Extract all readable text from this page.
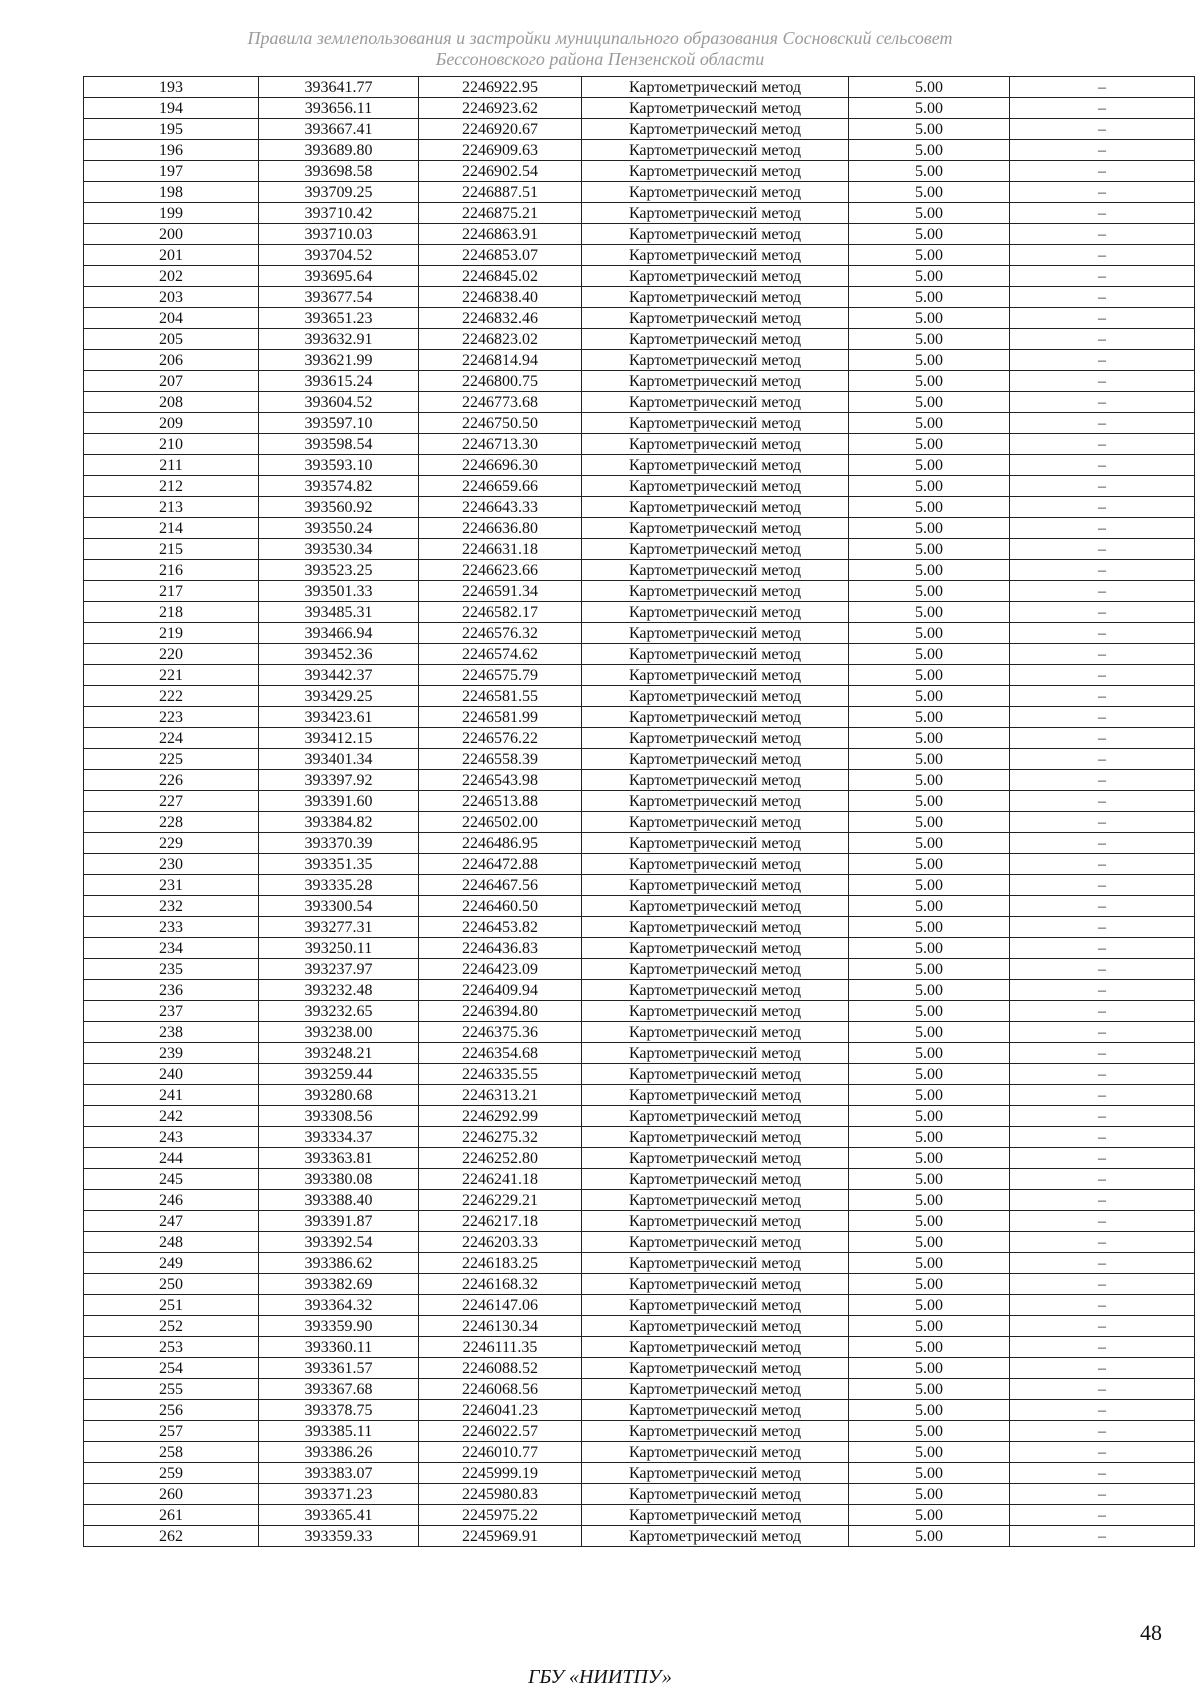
Правила землепользования и застройки муниципального образования Сосновский сельсовет
Бессоновского района Пензенской области
193	393641.77	2246922.95	Картометрический метод	5.00	–
194	393656.11	2246923.62	Картометрический метод	5.00	–
195	393667.41	2246920.67	Картометрический метод	5.00	–
196	393689.80	2246909.63	Картометрический метод	5.00	–
197	393698.58	2246902.54	Картометрический метод	5.00	–
198	393709.25	2246887.51	Картометрический метод	5.00	–
199	393710.42	2246875.21	Картометрический метод	5.00	–
200	393710.03	2246863.91	Картометрический метод	5.00	–
201	393704.52	2246853.07	Картометрический метод	5.00	–
202	393695.64	2246845.02	Картометрический метод	5.00	–
203	393677.54	2246838.40	Картометрический метод	5.00	–
204	393651.23	2246832.46	Картометрический метод	5.00	–
205	393632.91	2246823.02	Картометрический метод	5.00	–
206	393621.99	2246814.94	Картометрический метод	5.00	–
207	393615.24	2246800.75	Картометрический метод	5.00	–
208	393604.52	2246773.68	Картометрический метод	5.00	–
209	393597.10	2246750.50	Картометрический метод	5.00	–
210	393598.54	2246713.30	Картометрический метод	5.00	–
211	393593.10	2246696.30	Картометрический метод	5.00	–
212	393574.82	2246659.66	Картометрический метод	5.00	–
213	393560.92	2246643.33	Картометрический метод	5.00	–
214	393550.24	2246636.80	Картометрический метод	5.00	–
215	393530.34	2246631.18	Картометрический метод	5.00	–
216	393523.25	2246623.66	Картометрический метод	5.00	–
217	393501.33	2246591.34	Картометрический метод	5.00	–
218	393485.31	2246582.17	Картометрический метод	5.00	–
219	393466.94	2246576.32	Картометрический метод	5.00	–
220	393452.36	2246574.62	Картометрический метод	5.00	–
221	393442.37	2246575.79	Картометрический метод	5.00	–
222	393429.25	2246581.55	Картометрический метод	5.00	–
223	393423.61	2246581.99	Картометрический метод	5.00	–
224	393412.15	2246576.22	Картометрический метод	5.00	–
225	393401.34	2246558.39	Картометрический метод	5.00	–
226	393397.92	2246543.98	Картометрический метод	5.00	–
227	393391.60	2246513.88	Картометрический метод	5.00	–
228	393384.82	2246502.00	Картометрический метод	5.00	–
229	393370.39	2246486.95	Картометрический метод	5.00	–
230	393351.35	2246472.88	Картометрический метод	5.00	–
231	393335.28	2246467.56	Картометрический метод	5.00	–
232	393300.54	2246460.50	Картометрический метод	5.00	–
233	393277.31	2246453.82	Картометрический метод	5.00	–
234	393250.11	2246436.83	Картометрический метод	5.00	–
235	393237.97	2246423.09	Картометрический метод	5.00	–
236	393232.48	2246409.94	Картометрический метод	5.00	–
237	393232.65	2246394.80	Картометрический метод	5.00	–
238	393238.00	2246375.36	Картометрический метод	5.00	–
239	393248.21	2246354.68	Картометрический метод	5.00	–
240	393259.44	2246335.55	Картометрический метод	5.00	–
241	393280.68	2246313.21	Картометрический метод	5.00	–
242	393308.56	2246292.99	Картометрический метод	5.00	–
243	393334.37	2246275.32	Картометрический метод	5.00	–
244	393363.81	2246252.80	Картометрический метод	5.00	–
245	393380.08	2246241.18	Картометрический метод	5.00	–
246	393388.40	2246229.21	Картометрический метод	5.00	–
247	393391.87	2246217.18	Картометрический метод	5.00	–
248	393392.54	2246203.33	Картометрический метод	5.00	–
249	393386.62	2246183.25	Картометрический метод	5.00	–
250	393382.69	2246168.32	Картометрический метод	5.00	–
251	393364.32	2246147.06	Картометрический метод	5.00	–
252	393359.90	2246130.34	Картометрический метод	5.00	–
253	393360.11	2246111.35	Картометрический метод	5.00	–
254	393361.57	2246088.52	Картометрический метод	5.00	–
255	393367.68	2246068.56	Картометрический метод	5.00	–
256	393378.75	2246041.23	Картометрический метод	5.00	–
257	393385.11	2246022.57	Картометрический метод	5.00	–
258	393386.26	2246010.77	Картометрический метод	5.00	–
259	393383.07	2245999.19	Картометрический метод	5.00	–
260	393371.23	2245980.83	Картометрический метод	5.00	–
261	393365.41	2245975.22	Картометрический метод	5.00	–
262	393359.33	2245969.91	Картометрический метод	5.00	–
48
ГБУ «НИИТПУ»
